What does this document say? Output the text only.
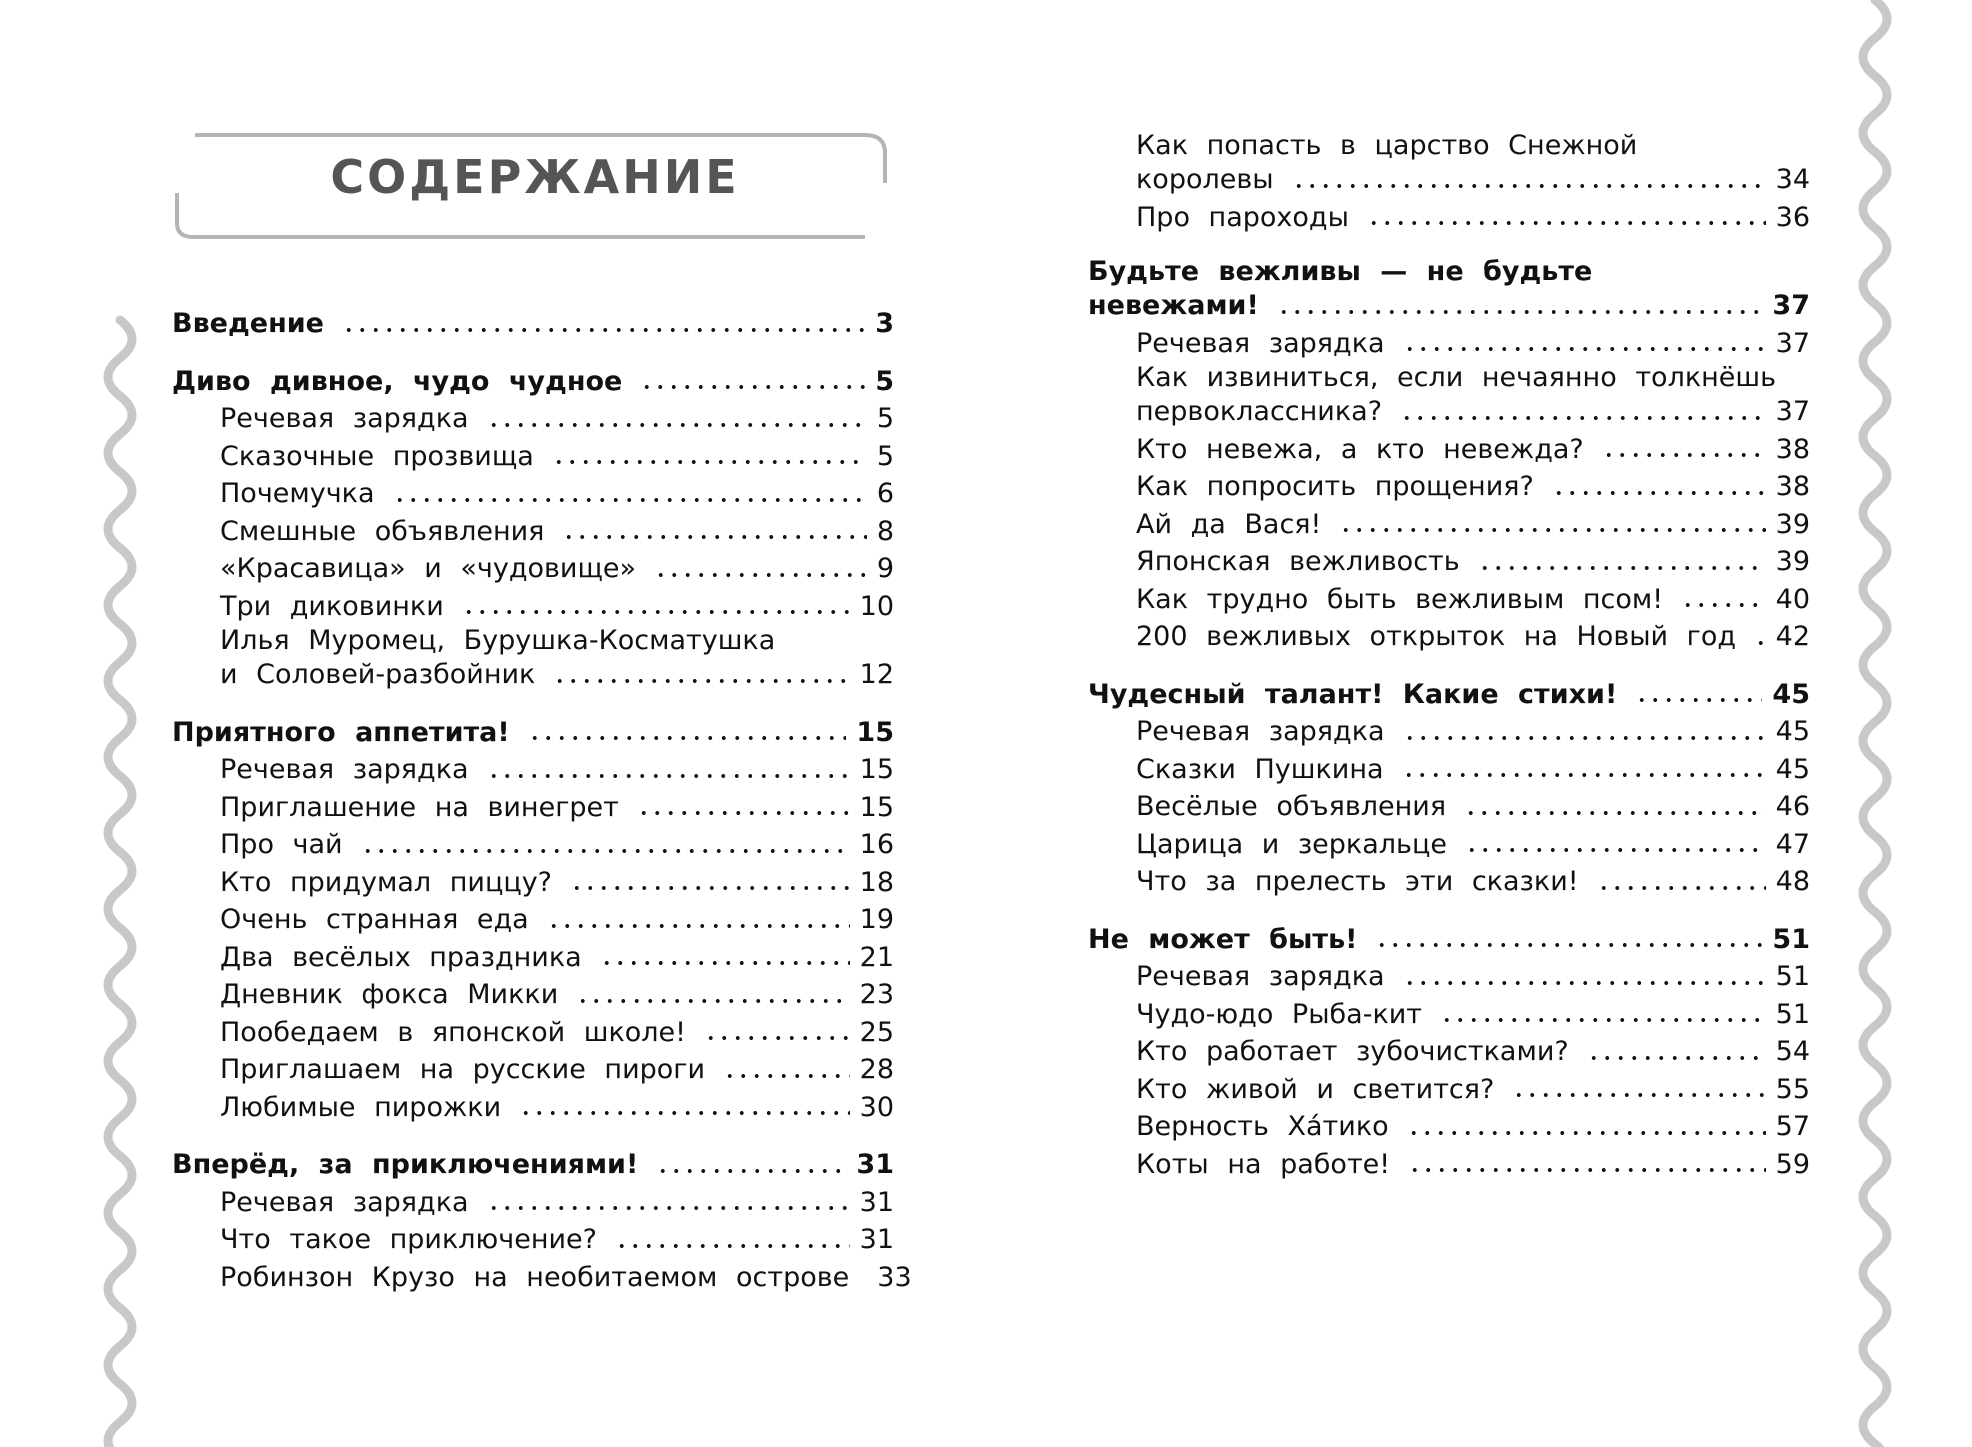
СОДЕРЖАНИЕ
Введение	3
Диво дивное, чудо чудное	5
Речевая зарядка	5
Сказочные прозвища	5
Почемучка	6
Смешные объявления	8
«Красавица» и «чудовище»	9
Три диковинки	10
Илья Муромец, Бурушка-Косматушка
и Соловей-разбойник	12
Приятного аппетита!	15
Речевая зарядка	15
Приглашение на винегрет	15
Про чай	16
Кто придумал пиццу?	18
Очень странная еда	19
Два весёлых праздника	21
Дневник фокса Микки	23
Пообедаем в японской школе!	25
Приглашаем на русские пироги	28
Любимые пирожки	30
Вперёд, за приключениями!	31
Речевая зарядка	31
Что такое приключение?	31
Робинзон Крузо на необитаемом острове 33
Как попасть в царство Снежной
королевы	34
Про пароходы	36
Будьте вежливы — не будьте
невежами!	37
Речевая зарядка	37
Как извиниться, если нечаянно толкнёшь
первоклассника?	37
Кто невежа, а кто невежда?	38
Как попросить прощения?	38
Ай да Вася!	39
Японская вежливость	39
Как трудно быть вежливым псом!	40
200 вежливых открыток на Новый год 42
Чудесный талант! Какие стихи!	45
Речевая зарядка	45
Сказки Пушкина	45
Весёлые объявления	46
Царица и зеркальце	47
Что за прелесть эти сказки!	48
Не может быть!	51
Речевая зарядка	51
Чудо-юдо Рыба-кит	51
Кто работает зубочистками?	54
Кто живой и светится?	55
Верность Хáтико	57
Коты на работе!	59
